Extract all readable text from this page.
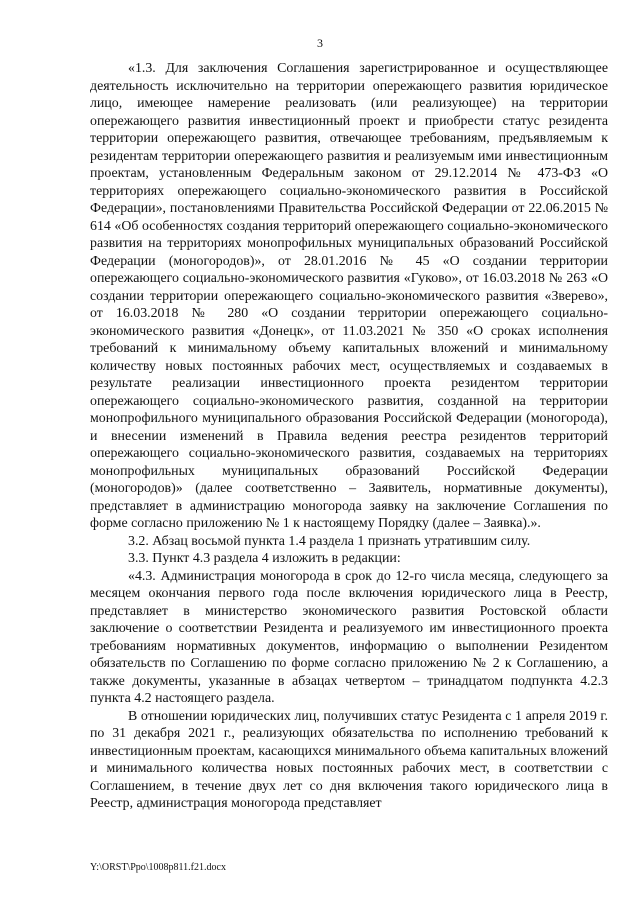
3

«1.3. Для заключения Соглашения зарегистрированное и осуществляющее деятельность исключительно на территории опережающего развития юридическое лицо, имеющее намерение реализовать (или реализующее) на территории опережающего развития инвестиционный проект и приобрести статус резидента территории опережающего развития, отвечающее требованиям, предъявляемым к резидентам территории опережающего развития и реализуемым ими инвестиционным проектам, установленным Федеральным законом от 29.12.2014 № 473-ФЗ «О территориях опережающего социально-экономического развития в Российской Федерации», постановлениями Правительства Российской Федерации от 22.06.2015 № 614 «Об особенностях создания территорий опережающего социально-экономического развития на территориях монопрофильных муниципальных образований Российской Федерации (моногородов)», от 28.01.2016 № 45 «О создании территории опережающего социально-экономического развития «Гуково», от 16.03.2018 № 263 «О создании территории опережающего социально-экономического развития «Зверево», от 16.03.2018 № 280 «О создании территории опережающего социально-экономического развития «Донецк», от 11.03.2021 № 350 «О сроках исполнения требований к минимальному объему капитальных вложений и минимальному количеству новых постоянных рабочих мест, осуществляемых и создаваемых в результате реализации инвестиционного проекта резидентом территории опережающего социально-экономического развития, созданной на территории монопрофильного муниципального образования Российской Федерации (моногорода), и внесении изменений в Правила ведения реестра резидентов территорий опережающего социально-экономического развития, создаваемых на территориях монопрофильных муниципальных образований Российской Федерации (моногородов)» (далее соответственно – Заявитель, нормативные документы), представляет в администрацию моногорода заявку на заключение Соглашения по форме согласно приложению № 1 к настоящему Порядку (далее – Заявка).».

3.2. Абзац восьмой пункта 1.4 раздела 1 признать утратившим силу.

3.3. Пункт 4.3 раздела 4 изложить в редакции:

«4.3. Администрация моногорода в срок до 12-го числа месяца, следующего за месяцем окончания первого года после включения юридического лица в Реестр, представляет в министерство экономического развития Ростовской области заключение о соответствии Резидента и реализуемого им инвестиционного проекта требованиям нормативных документов, информацию о выполнении Резидентом обязательств по Соглашению по форме согласно приложению № 2 к Соглашению, а также документы, указанные в абзацах четвертом – тринадцатом подпункта 4.2.3 пункта 4.2 настоящего раздела.

В отношении юридических лиц, получивших статус Резидента с 1 апреля 2019 г. по 31 декабря 2021 г., реализующих обязательства по исполнению требований к инвестиционным проектам, касающихся минимального объема капитальных вложений и минимального количества новых постоянных рабочих мест, в соответствии с Соглашением, в течение двух лет со дня включения такого юридического лица в Реестр, администрация моногорода представляет

Y:\ORST\Ppo\1008p811.f21.docx
